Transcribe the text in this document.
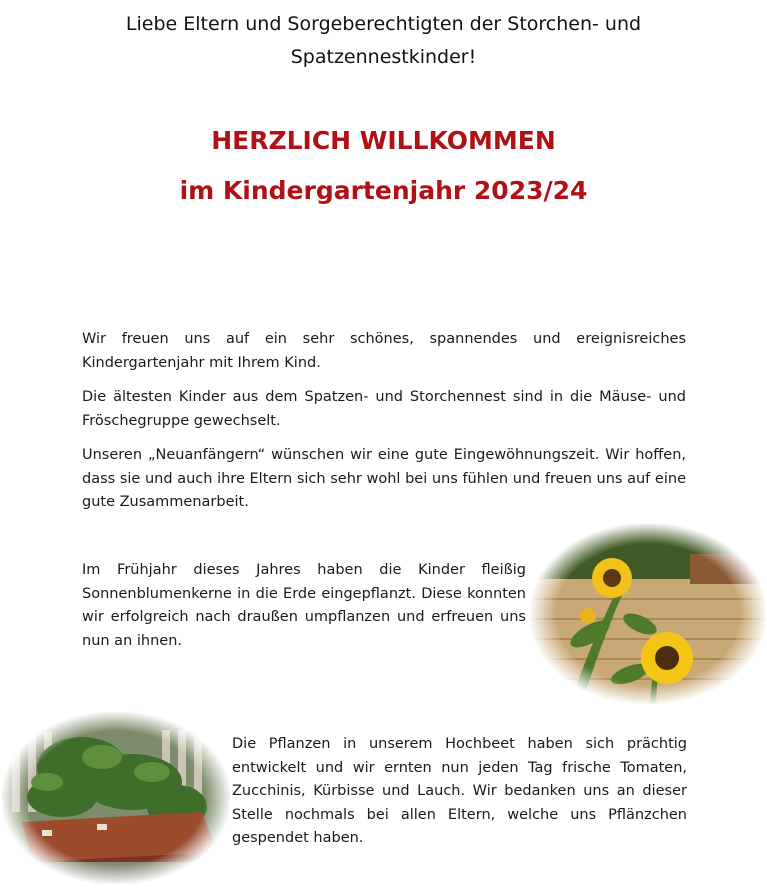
Liebe Eltern und Sorgeberechtigten der Storchen- und
Spatzennestkinder!
HERZLICH WILLKOMMEN
im Kindergartenjahr 2023/24

Wir freuen uns auf ein sehr schönes, spannendes und ereignisreiches Kindergartenjahr mit Ihrem Kind.

Die ältesten Kinder aus dem Spatzen- und Storchennest sind in die Mäuse- und Fröschegruppe gewechselt.

Unseren „Neuanfängern“ wünschen wir eine gute Eingewöhnungszeit. Wir hoffen, dass sie und auch ihre Eltern sich sehr wohl bei uns fühlen und freuen uns auf eine gute Zusammenarbeit.

Im Frühjahr dieses Jahres haben die Kinder fleißig Sonnenblumenkerne in die Erde eingepflanzt. Diese konnten wir erfolgreich nach draußen umpflanzen und erfreuen uns nun an ihnen.

Die Pflanzen in unserem Hochbeet haben sich prächtig entwickelt und wir ernten nun jeden Tag frische Tomaten, Zucchinis, Kürbisse und Lauch. Wir bedanken uns an dieser Stelle nochmals bei allen Eltern, welche uns Pflänzchen gespendet haben.
